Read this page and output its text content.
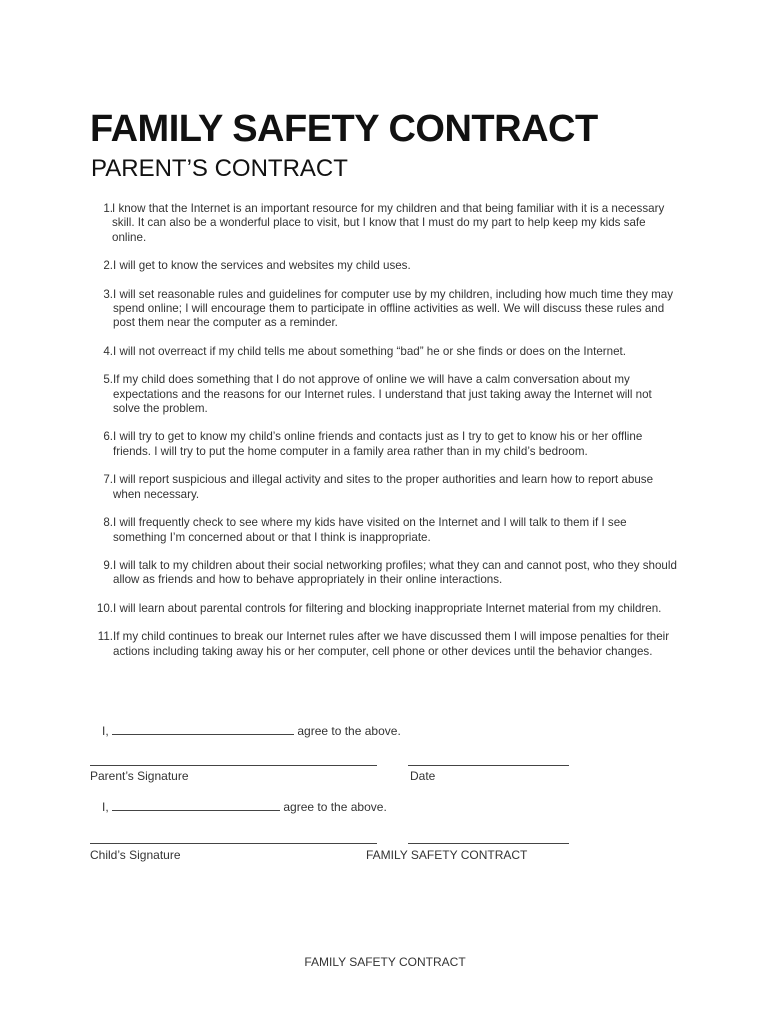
FAMILY SAFETY CONTRACT
PARENT’S CONTRACT
1. I know that the Internet is an important resource for my children and that being familiar with it is a necessary skill. It can also be a wonderful place to visit, but I know that I must do my part to help keep my kids safe online.
2. I will get to know the services and websites my child uses.
3. I will set reasonable rules and guidelines for computer use by my children, including how much time they may spend online; I will encourage them to participate in offline activities as well. We will discuss these rules and post them near the computer as a reminder.
4. I will not overreact if my child tells me about something “bad” he or she finds or does on the Internet.
5. If my child does something that I do not approve of online we will have a calm conversation about my expectations and the reasons for our Internet rules. I understand that just taking away the Internet will not solve the problem.
6. I will try to get to know my child’s online friends and contacts just as I try to get to know his or her offline friends. I will try to put the home computer in a family area rather than in my child’s bedroom.
7. I will report suspicious and illegal activity and sites to the proper authorities and learn how to report abuse when necessary.
8. I will frequently check to see where my kids have visited on the Internet and I will talk to them if I see something I’m concerned about or that I think is inappropriate.
9. I will talk to my children about their social networking profiles; what they can and cannot post, who they should allow as friends and how to behave appropriately in their online interactions.
10. I will learn about parental controls for filtering and blocking inappropriate Internet material from my children.
11. If my child continues to break our Internet rules after we have discussed them I will impose penalties for their actions including taking away his or her computer, cell phone or other devices until the behavior changes.
I,	agree to the above.
Parent’s Signature	Date
I,	agree to the above.
Child’s Signature	FAMILY SAFETY CONTRACT
FAMILY SAFETY CONTRACT
